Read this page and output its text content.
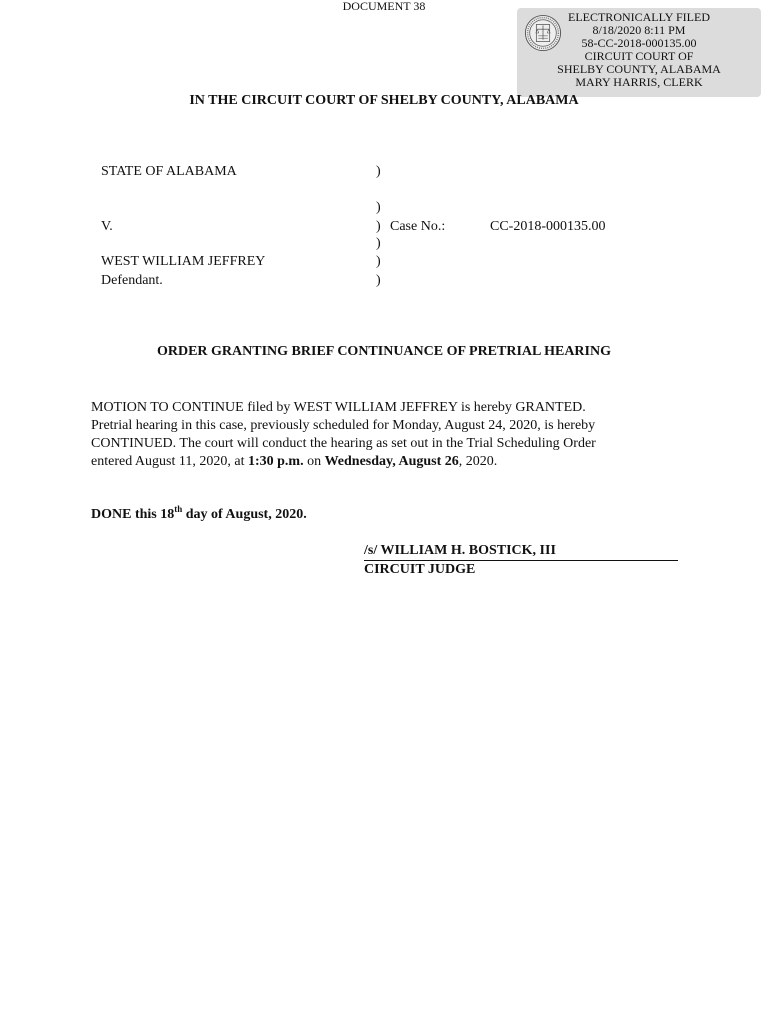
DOCUMENT 38
ELECTRONICALLY FILED
8/18/2020 8:11 PM
58-CC-2018-000135.00
CIRCUIT COURT OF
SHELBY COUNTY, ALABAMA
MARY HARRIS, CLERK
IN THE CIRCUIT COURT OF SHELBY COUNTY, ALABAMA
STATE OF ALABAMA	)
)
V.	) Case No.:	CC-2018-000135.00
)
WEST WILLIAM JEFFREY	)
Defendant.	)
ORDER GRANTING BRIEF CONTINUANCE OF PRETRIAL HEARING
MOTION TO CONTINUE filed by WEST WILLIAM JEFFREY is hereby GRANTED.
Pretrial hearing in this case, previously scheduled for Monday, August 24, 2020, is hereby
CONTINUED. The court will conduct the hearing as set out in the Trial Scheduling Order
entered August 11, 2020, at 1:30 p.m. on Wednesday, August 26, 2020.
DONE this 18th day of August, 2020.
/s/ WILLIAM H. BOSTICK, III
CIRCUIT JUDGE
